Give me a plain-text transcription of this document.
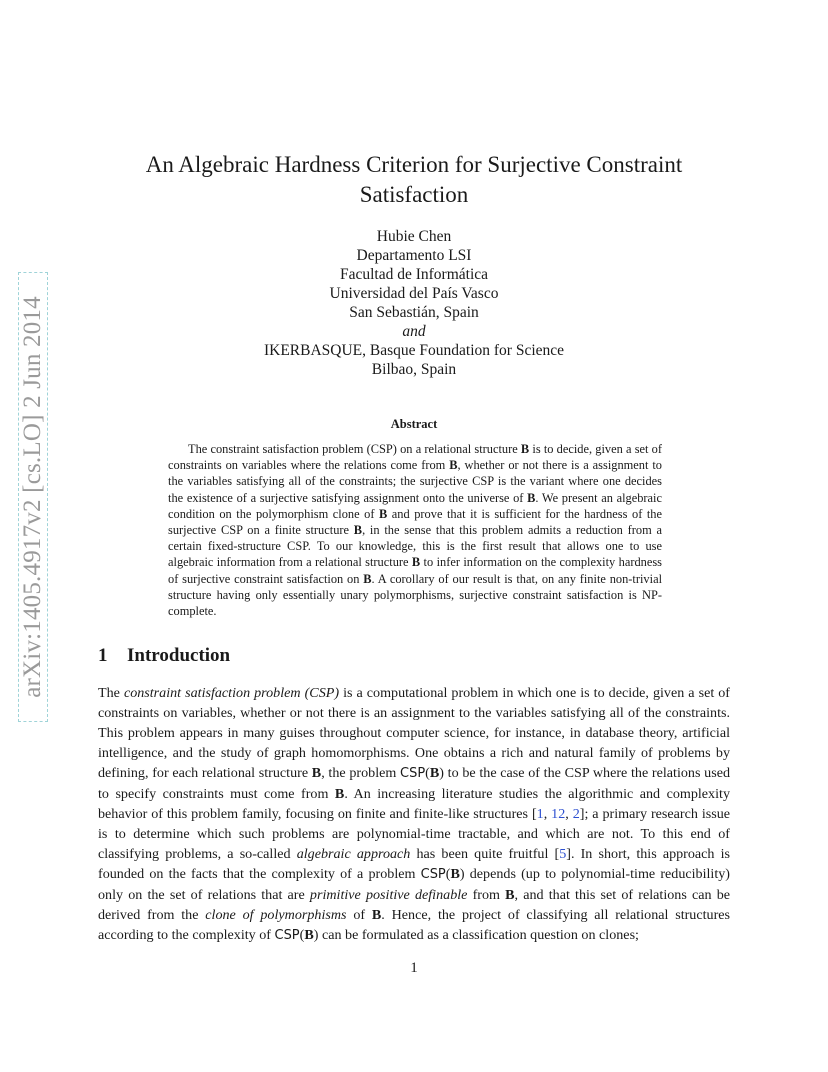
arXiv:1405.4917v2 [cs.LO] 2 Jun 2014
An Algebraic Hardness Criterion for Surjective Constraint Satisfaction
Hubie Chen
Departamento LSI
Facultad de Informática
Universidad del País Vasco
San Sebastián, Spain
and
IKERBASQUE, Basque Foundation for Science
Bilbao, Spain
Abstract

The constraint satisfaction problem (CSP) on a relational structure B is to decide, given a set of constraints on variables where the relations come from B, whether or not there is a assignment to the variables satisfying all of the constraints; the surjective CSP is the variant where one decides the existence of a surjective satisfying assignment onto the universe of B. We present an algebraic condition on the polymorphism clone of B and prove that it is sufficient for the hardness of the surjective CSP on a finite structure B, in the sense that this problem admits a reduction from a certain fixed-structure CSP. To our knowledge, this is the first result that allows one to use algebraic information from a relational structure B to infer information on the complexity hardness of surjective constraint satisfaction on B. A corollary of our result is that, on any finite non-trivial structure having only essentially unary polymorphisms, surjective constraint satisfaction is NP-complete.

1 Introduction

The constraint satisfaction problem (CSP) is a computational problem in which one is to decide, given a set of constraints on variables, whether or not there is an assignment to the variables satisfying all of the constraints. This problem appears in many guises throughout computer science, for instance, in database theory, artificial intelligence, and the study of graph homomorphisms. One obtains a rich and natural family of problems by defining, for each relational structure B, the problem CSP(B) to be the case of the CSP where the relations used to specify constraints must come from B. An increasing literature studies the algorithmic and complexity behavior of this problem family, focusing on finite and finite-like structures [1, 12, 2]; a primary research issue is to determine which such problems are polynomial-time tractable, and which are not. To this end of classifying problems, a so-called algebraic approach has been quite fruitful [5]. In short, this approach is founded on the facts that the complexity of a problem CSP(B) depends (up to polynomial-time reducibility) only on the set of relations that are primitive positive definable from B, and that this set of relations can be derived from the clone of polymorphisms of B. Hence, the project of classifying all relational structures according to the complexity of CSP(B) can be formulated as a classification question on clones;

1
